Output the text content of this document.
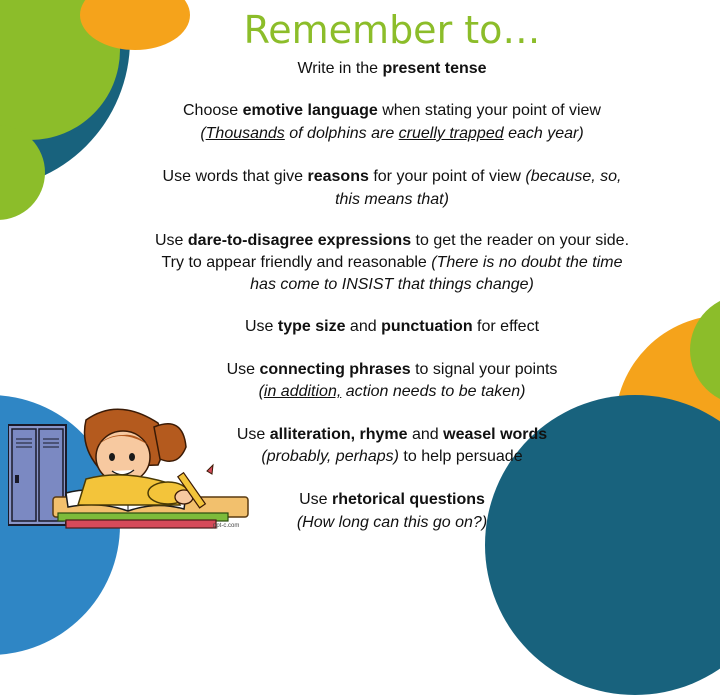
Remember to…
Write in the present tense
Choose emotive language when stating your point of view
(Thousands of dolphins are cruelly trapped each year)
Use words that give reasons for your point of view (because, so,
this means that)
Use dare-to-disagree expressions to get the reader on your side.
Try to appear friendly and reasonable (There is no doubt the time
has come to INSIST that things change)
Use type size and punctuation for effect
Use connecting phrases to signal your points
(in addition, action needs to be taken)
Use alliteration, rhyme and weasel words
(probably, perhaps) to help persuade
Use rhetorical questions
(How long can this go on?)
ppt-c.com
